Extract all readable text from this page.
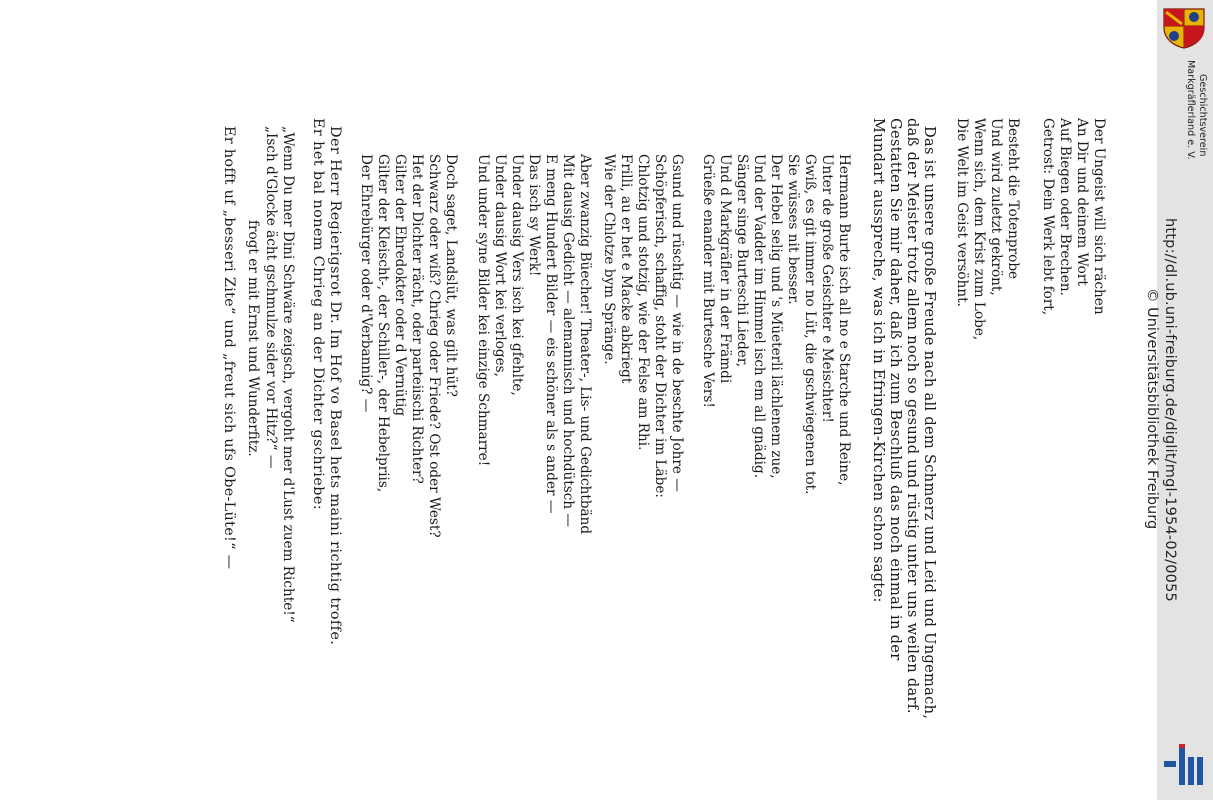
Der Ungeist will sich rächen
An Dir und deinem Wort
Auf Biegen oder Brechen.
Getrost: Dein Werk lebt fort,
Besteht die Totenprobe
Und wird zuletzt gekrönt,
Wenn sich, dem Krist zum Lobe,
Die Welt im Geist versöhnt.
Das ist unsere große Freude nach all dem Schmerz und Leid und Ungemach,
daß der Meister trotz allem noch so gesund und rüstig unter uns weilen darf.
Gestatten Sie mir daher, daß ich zum Beschluß das noch einmal in der
Mundart ausspreche, was ich in Efringen-Kirchen schon sagte:
Hermann Burte isch all no e Starche und Reine,
Unter de großе Geischter e Meischter!
Gwiß, es git immer no Lüt, die gschwiegenen tot.
Sie wüsses nit besser.
Der Hebel selig und 's Müeterli lächlenem zue,
Und der Vadder im Himmel isch em all gnädig.
Sänger singe Burteschi Lieder,
Und d Markgräfler in der Främdi
Grüeße enander mit Burtesche Vers!
Gsund und rüschtig — wie in de beschte Johre —
Schöpferisch, schaffig, stoht der Dichter im Läbe:
Chlotzig und stotzig, wie der Felse am Rhi.
Frilli, au er het e Macke abkriegt
Wie der Chlotze bym Spränge.
Aber zwanzig Büecher! Theater-, Lis- und Gedichtbänd
Mit dausig Gedicht — alemannisch und hochdütsch —
E meng Hundert Bilder — eis schöner als s ander —
Das isch sy Werk!
Under dausig Vers isch kei gfehlte,
Under dausig Wort kei verloges,
Und under syne Bilder kei einzige Schmarre!
Doch saget, Landslüt, was gilt hüt?
Schwarz oder wiß? Chrieg oder Friede? Ost oder West?
Het der Dichter rächt, oder parteiischi Richter?
Gilter der Ehredokter oder d Vernütig
Gilter der Kleischt-, der Schiller-, der Hebelpriis,
Der Ehrebürger oder d'Verbannig? —
Der Herr Regierigsrot Dr. Im Hof vo Basel hets maini richtig troffe.
Er het bal nonem Chrieg an der Dichter gschriebe:
„Wenn Du mer Dini Schwäre zeigsch, vergoht mer d'Lust zuem Richte!“
„Isch d'Glocke ächt gschmulze sider vor Hitz?“ —
frogt er mit Ernst und Wunderfitz.
Er hofft uf „besseri Zite“ und „freut sich ufs Obe-Lüte!“ —	http://dl.ub.uni-freiburg.de/diglit/mgl-1954-02/0055
© Universitätsbibliothek Freiburg
Geschichtsverein
Markgräflerland e. V.
